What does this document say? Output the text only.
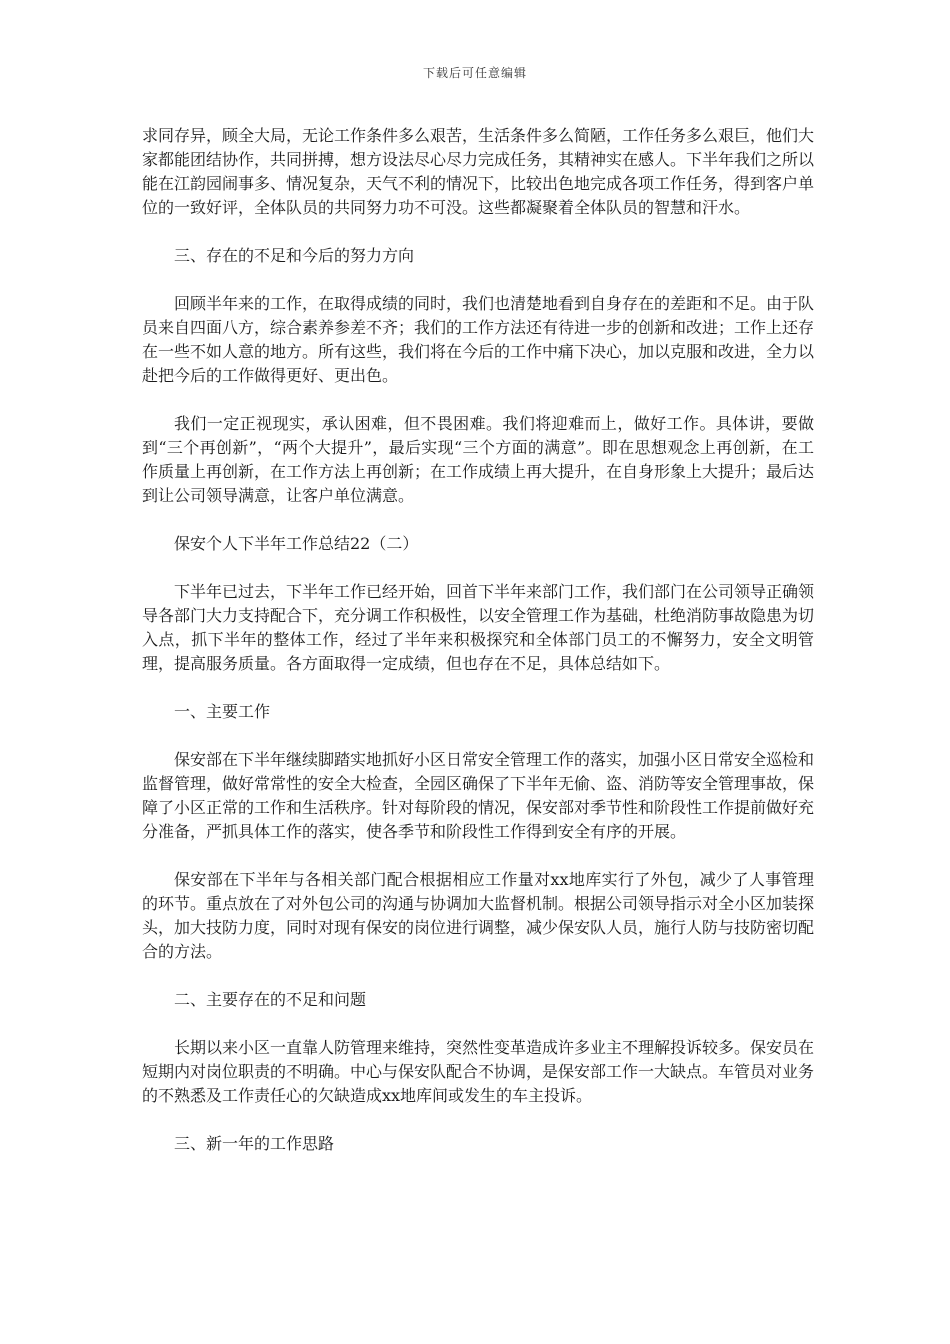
下载后可任意编辑

求同存异，顾全大局，无论工作条件多么艰苦，生活条件多么简陋，工作任务多么艰巨，他们大家都能团结协作，共同拼搏，想方设法尽心尽力完成任务，其精神实在感人。下半年我们之所以能在江韵园闹事多、情况复杂，天气不利的情况下，比较出色地完成各项工作任务，得到客户单位的一致好评，全体队员的共同努力功不可没。这些都凝聚着全体队员的智慧和汗水。

三、存在的不足和今后的努力方向

回顾半年来的工作，在取得成绩的同时，我们也清楚地看到自身存在的差距和不足。由于队员来自四面八方，综合素养参差不齐；我们的工作方法还有待进一步的创新和改进；工作上还存在一些不如人意的地方。所有这些，我们将在今后的工作中痛下决心，加以克服和改进，全力以赴把今后的工作做得更好、更出色。

我们一定正视现实，承认困难，但不畏困难。我们将迎难而上，做好工作。具体讲，要做到“三个再创新”，“两个大提升”，最后实现“三个方面的满意”。即在思想观念上再创新，在工作质量上再创新，在工作方法上再创新；在工作成绩上再大提升，在自身形象上大提升；最后达到让公司领导满意，让客户单位满意。

保安个人下半年工作总结22（二）

下半年已过去，下半年工作已经开始，回首下半年来部门工作，我们部门在公司领导正确领导各部门大力支持配合下，充分调工作积极性，以安全管理工作为基础，杜绝消防事故隐患为切入点，抓下半年的整体工作，经过了半年来积极探究和全体部门员工的不懈努力，安全文明管理，提高服务质量。各方面取得一定成绩，但也存在不足，具体总结如下。

一、主要工作

保安部在下半年继续脚踏实地抓好小区日常安全管理工作的落实，加强小区日常安全巡检和监督管理，做好常常性的安全大检查，全园区确保了下半年无偷、盗、消防等安全管理事故，保障了小区正常的工作和生活秩序。针对每阶段的情况，保安部对季节性和阶段性工作提前做好充分准备，严抓具体工作的落实，使各季节和阶段性工作得到安全有序的开展。

保安部在下半年与各相关部门配合根据相应工作量对xx地库实行了外包，减少了人事管理的环节。重点放在了对外包公司的沟通与协调加大监督机制。根据公司领导指示对全小区加装探头，加大技防力度，同时对现有保安的岗位进行调整，减少保安队人员，施行人防与技防密切配合的方法。

二、主要存在的不足和问题

长期以来小区一直靠人防管理来维持，突然性变革造成许多业主不理解投诉较多。保安员在短期内对岗位职责的不明确。中心与保安队配合不协调，是保安部工作一大缺点。车管员对业务的不熟悉及工作责任心的欠缺造成xx地库间或发生的车主投诉。

三、新一年的工作思路
